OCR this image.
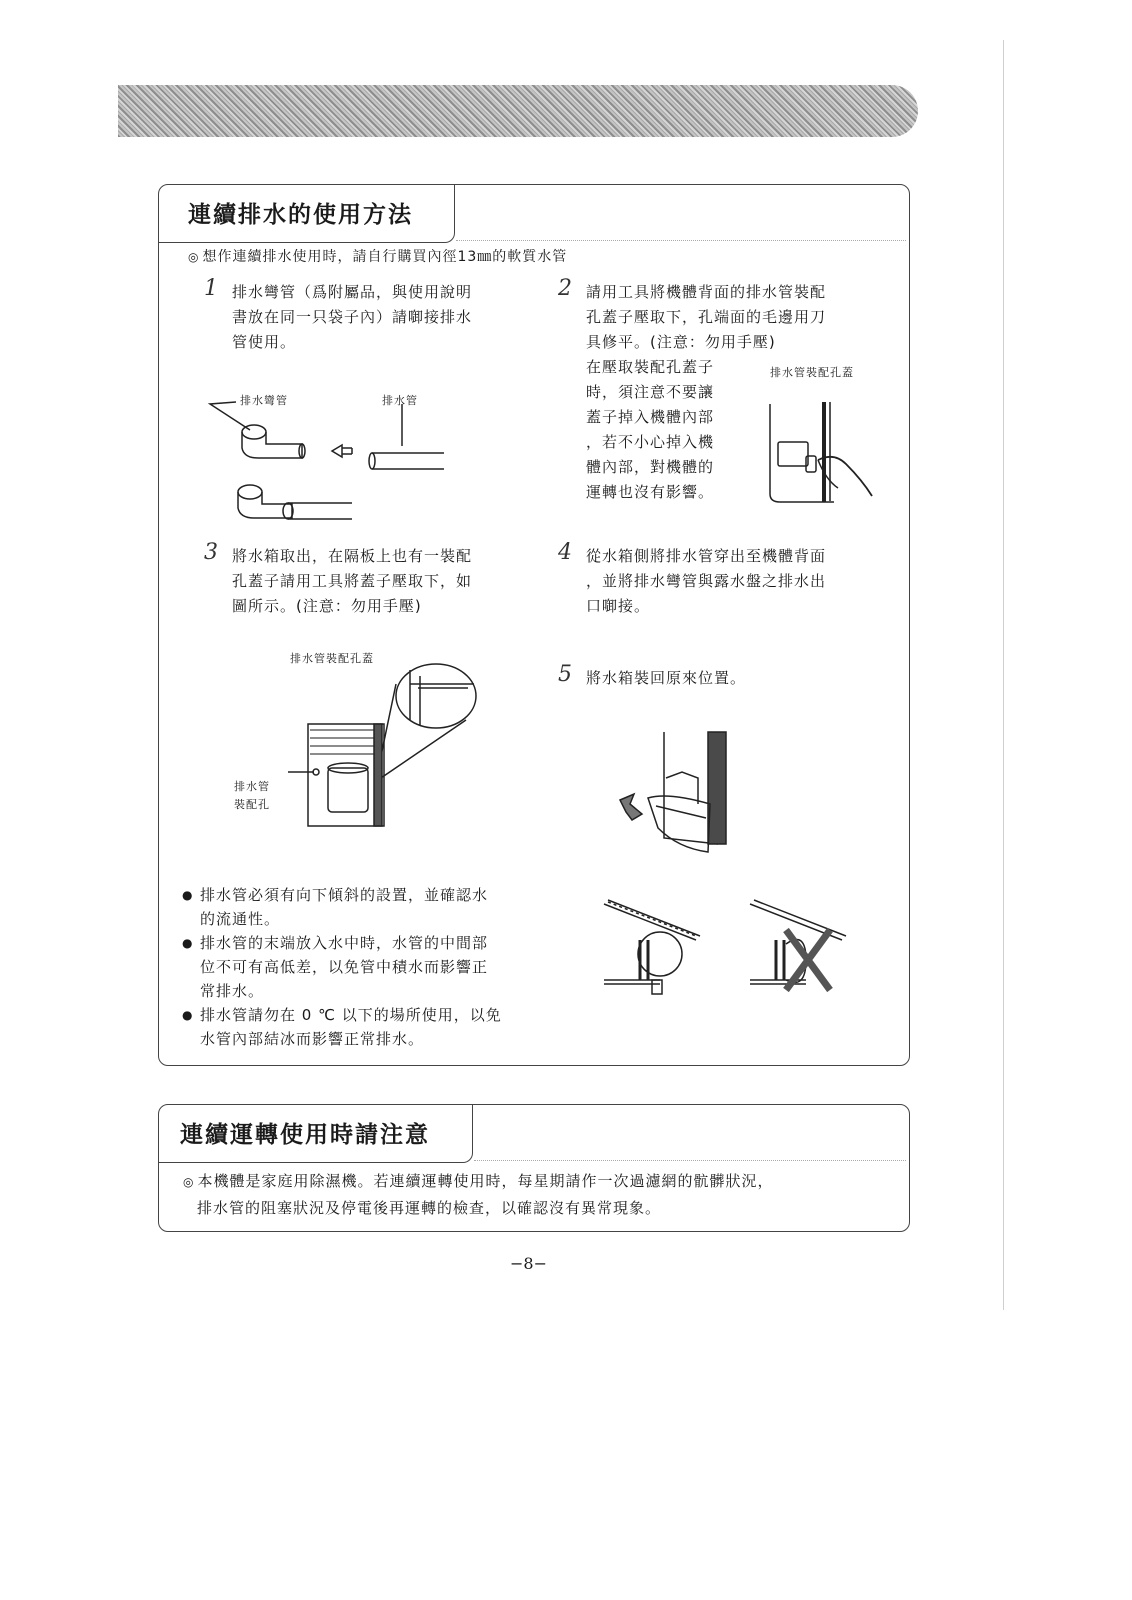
連續排水的使用方法
◎ 想作連續排水使用時，請自行購買內徑13㎜的軟質水管
1 排水彎管（爲附屬品，與使用說明
書放在同一只袋子內）請啣接排水
管使用。
排水彎管	排水管
2 請用工具將機體背面的排水管裝配
孔蓋子壓取下，孔端面的毛邊用刀
具修平。(注意：勿用手壓)
在壓取裝配孔蓋子
時，須注意不要讓
蓋子掉入機體內部
，若不小心掉入機
體內部，對機體的
運轉也沒有影響。
排水管裝配孔蓋
3 將水箱取出，在隔板上也有一裝配
孔蓋子請用工具將蓋子壓取下，如
圖所示。(注意：勿用手壓)
排水管裝配孔蓋
排水管
裝配孔
4 從水箱側將排水管穿出至機體背面
，並將排水彎管與露水盤之排水出
口啣接。
5 將水箱裝回原來位置。
● 排水管必須有向下傾斜的設置，並確認水
的流通性。
● 排水管的末端放入水中時，水管的中間部
位不可有高低差，以免管中積水而影響正
常排水。
● 排水管請勿在 0 ℃ 以下的場所使用，以免
水管內部結冰而影響正常排水。
連續運轉使用時請注意
◎ 本機體是家庭用除濕機。若連續運轉使用時，每星期請作一次過濾網的骯髒狀況，
排水管的阻塞狀況及停電後再運轉的檢查，以確認沒有異常現象。
−8−
